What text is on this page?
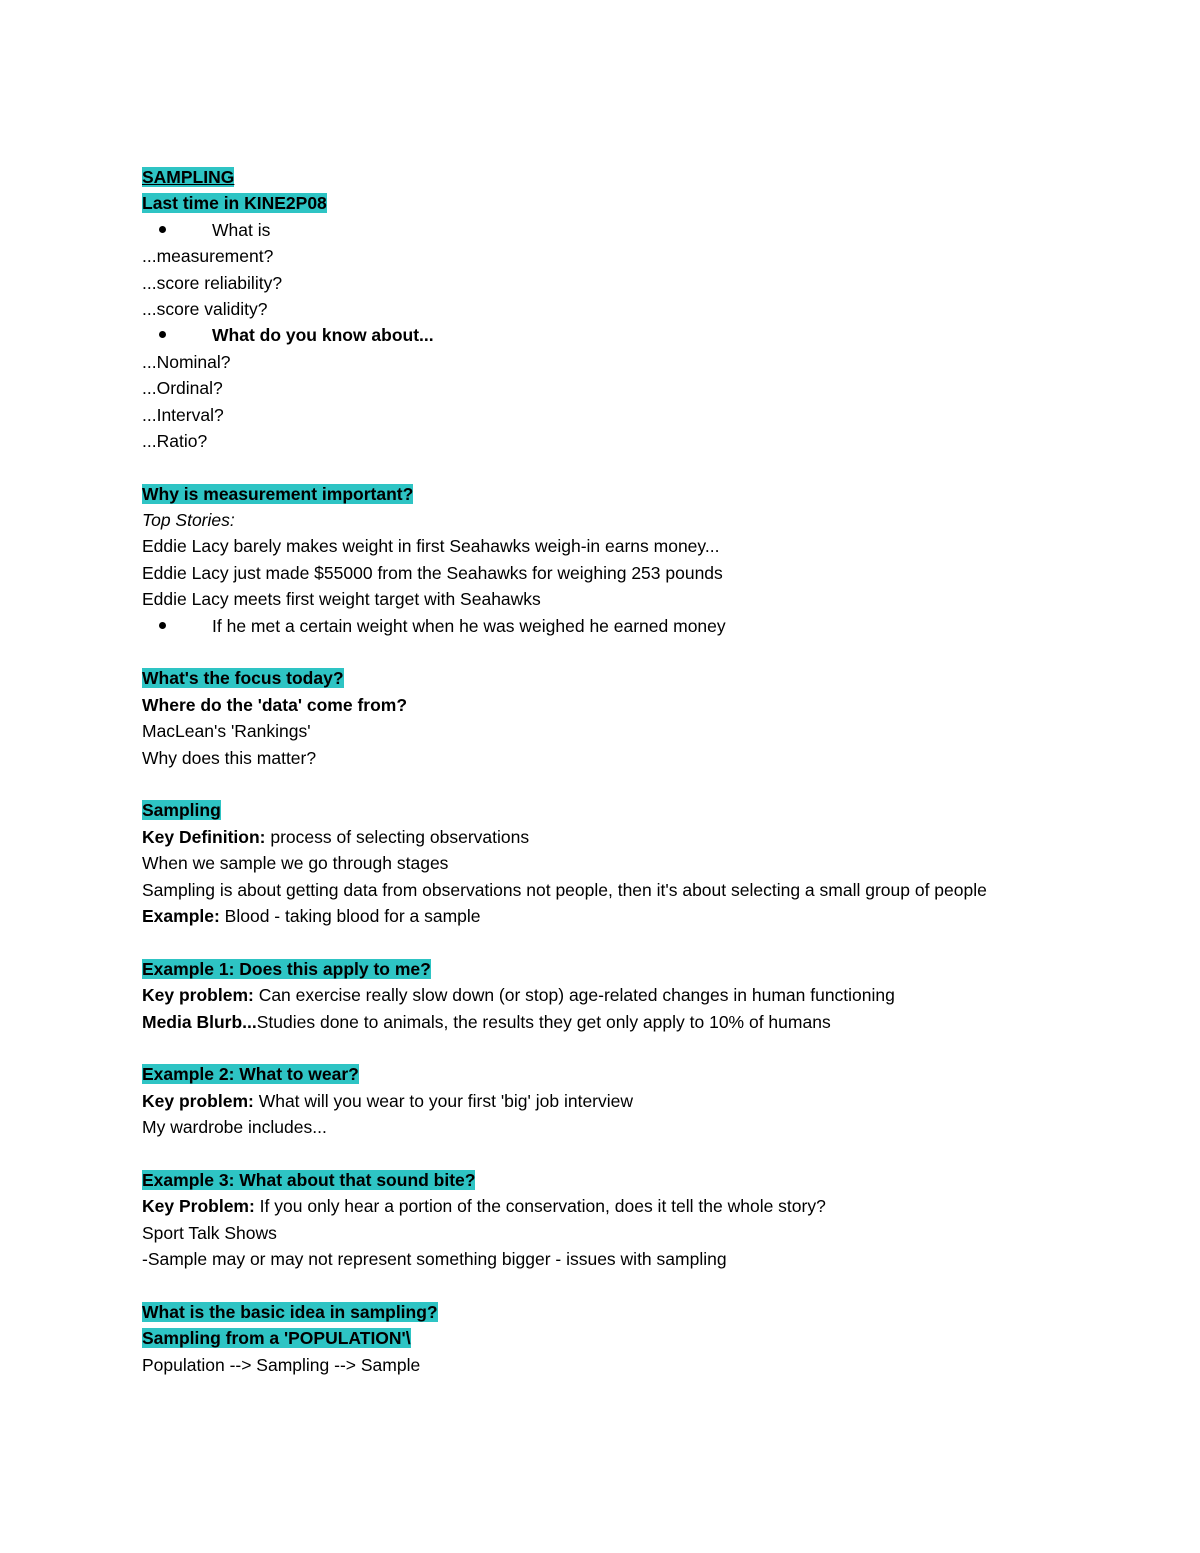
SAMPLING
Last time in KINE2P08
What is
...measurement?
...score reliability?
...score validity?
What do you know about...
...Nominal?
...Ordinal?
...Interval?
...Ratio?
Why is measurement important?
Top Stories:
Eddie Lacy barely makes weight in first Seahawks weigh-in earns money...
Eddie Lacy just made $55000 from the Seahawks for weighing 253 pounds
Eddie Lacy meets first weight target with Seahawks
If he met a certain weight when he was weighed he earned money
What's the focus today?
Where do the 'data' come from?
MacLean's 'Rankings'
Why does this matter?
Sampling
Key Definition: process of selecting observations
When we sample we go through stages
Sampling is about getting data from observations not people, then it's about selecting a small group of people
Example: Blood - taking blood for a sample
Example 1: Does this apply to me?
Key problem: Can exercise really slow down (or stop) age-related changes in human functioning
Media Blurb...Studies done to animals, the results they get only apply to 10% of humans
Example 2: What to wear?
Key problem: What will you wear to your first 'big' job interview
My wardrobe includes...
Example 3: What about that sound bite?
Key Problem: If you only hear a portion of the conservation, does it tell the whole story?
Sport Talk Shows
-Sample may or may not represent something bigger - issues with sampling
What is the basic idea in sampling?
Sampling from a 'POPULATION'\
Population --> Sampling --> Sample
